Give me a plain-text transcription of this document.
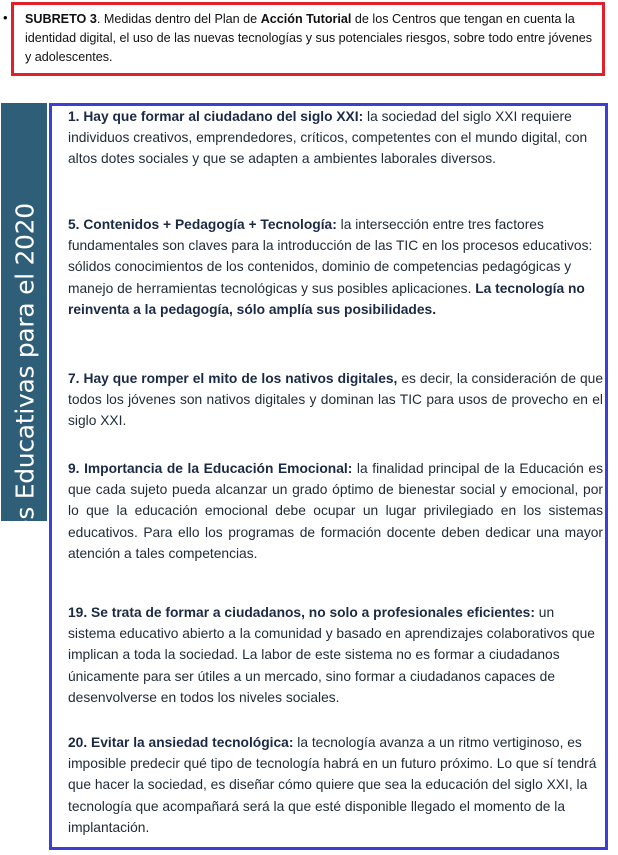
•	SUBRETO 3. Medidas dentro del Plan de Acción Tutorial de los Centros que tengan en cuenta la identidad digital, el uso de las nuevas tecnologías y sus potenciales riesgos, sobre todo entre jóvenes y adolescentes.
20 Claves Educativas para el 2020

1. Hay que formar al ciudadano del siglo XXI: la sociedad del siglo XXI requiere individuos creativos, emprendedores, críticos, competentes con el mundo digital, con altos dotes sociales y que se adapten a ambientes laborales diversos.

5. Contenidos + Pedagogía + Tecnología: la intersección entre tres factores fundamentales son claves para la introducción de las TIC en los procesos educativos: sólidos conocimientos de los contenidos, dominio de competencias pedagógicas y manejo de herramientas tecnológicas y sus posibles aplicaciones. La tecnología no reinventa a la pedagogía, sólo amplía sus posibilidades.

7. Hay que romper el mito de los nativos digitales, es decir, la consideración de que todos los jóvenes son nativos digitales y dominan las TIC para usos de provecho en el siglo XXI.

9. Importancia de la Educación Emocional: la finalidad principal de la Educación es que cada sujeto pueda alcanzar un grado óptimo de bienestar social y emocional, por lo que la educación emocional debe ocupar un lugar privilegiado en los sistemas educativos. Para ello los programas de formación docente deben dedicar una mayor atención a tales competencias.

19. Se trata de formar a ciudadanos, no solo a profesionales eficientes: un sistema educativo abierto a la comunidad y basado en aprendizajes colaborativos que implican a toda la sociedad. La labor de este sistema no es formar a ciudadanos únicamente para ser útiles a un mercado, sino formar a ciudadanos capaces de desenvolverse en todos los niveles sociales.

20. Evitar la ansiedad tecnológica: la tecnología avanza a un ritmo vertiginoso, es imposible predecir qué tipo de tecnología habrá en un futuro próximo. Lo que sí tendrá que hacer la sociedad, es diseñar cómo quiere que sea la educación del siglo XXI, la tecnología que acompañará será la que esté disponible llegado el momento de la implantación.
